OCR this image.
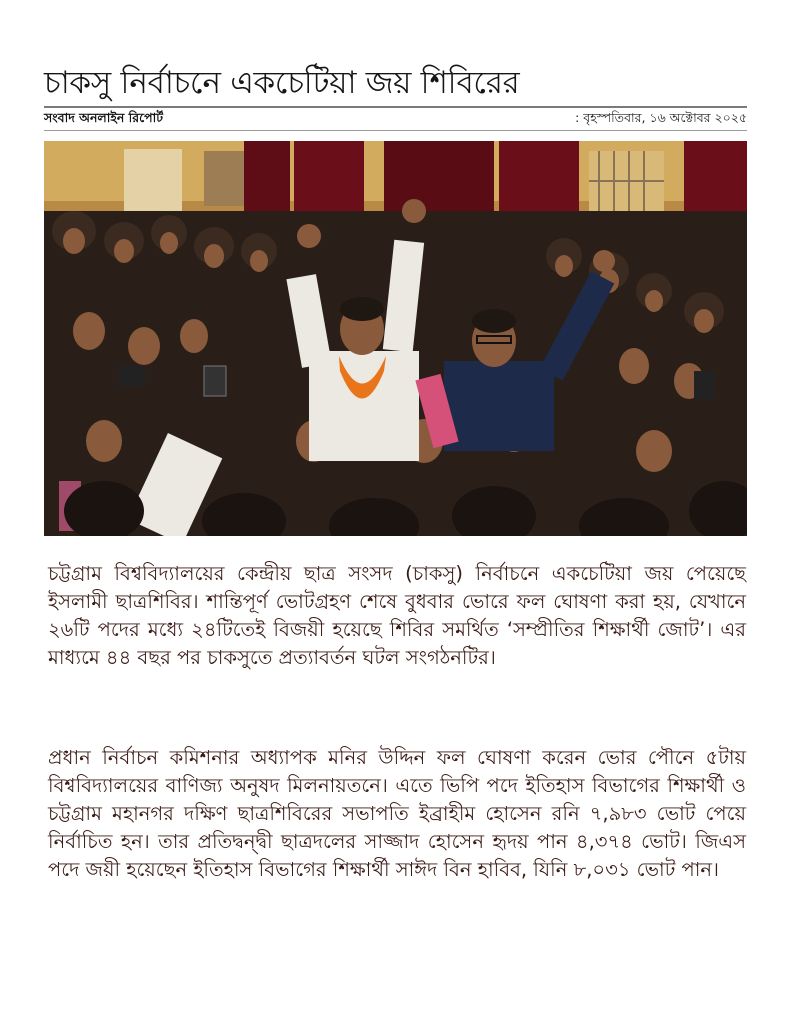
চাকসু নির্বাচনে একচেটিয়া জয় শিবিরের
সংবাদ অনলাইন রিপোর্ট	: বৃহস্পতিবার, ১৬ অক্টোবর ২০২৫

চট্টগ্রাম বিশ্ববিদ্যালয়ের কেন্দ্রীয় ছাত্র সংসদ (চাকসু) নির্বাচনে একচেটিয়া জয় পেয়েছে ইসলামী ছাত্রশিবির। শান্তিপূর্ণ ভোটগ্রহণ শেষে বুধবার ভোরে ফল ঘোষণা করা হয়, যেখানে ২৬টি পদের মধ্যে ২৪টিতেই বিজয়ী হয়েছে শিবির সমর্থিত ‘সম্প্রীতির শিক্ষার্থী জোট’। এর মাধ্যমে ৪৪ বছর পর চাকসুতে প্রত্যাবর্তন ঘটল সংগঠনটির।

প্রধান নির্বাচন কমিশনার অধ্যাপক মনির উদ্দিন ফল ঘোষণা করেন ভোর পৌনে ৫টায় বিশ্ববিদ্যালয়ের বাণিজ্য অনুষদ মিলনায়তনে। এতে ভিপি পদে ইতিহাস বিভাগের শিক্ষার্থী ও চট্টগ্রাম মহানগর দক্ষিণ ছাত্রশিবিরের সভাপতি ইব্রাহীম হোসেন রনি ৭,৯৮৩ ভোট পেয়ে নির্বাচিত হন। তার প্রতিদ্বন্দ্বী ছাত্রদলের সাজ্জাদ হোসেন হৃদয় পান ৪,৩৭৪ ভোট। জিএস পদে জয়ী হয়েছেন ইতিহাস বিভাগের শিক্ষার্থী সাঈদ বিন হাবিব, যিনি ৮,০৩১ ভোট পান।
